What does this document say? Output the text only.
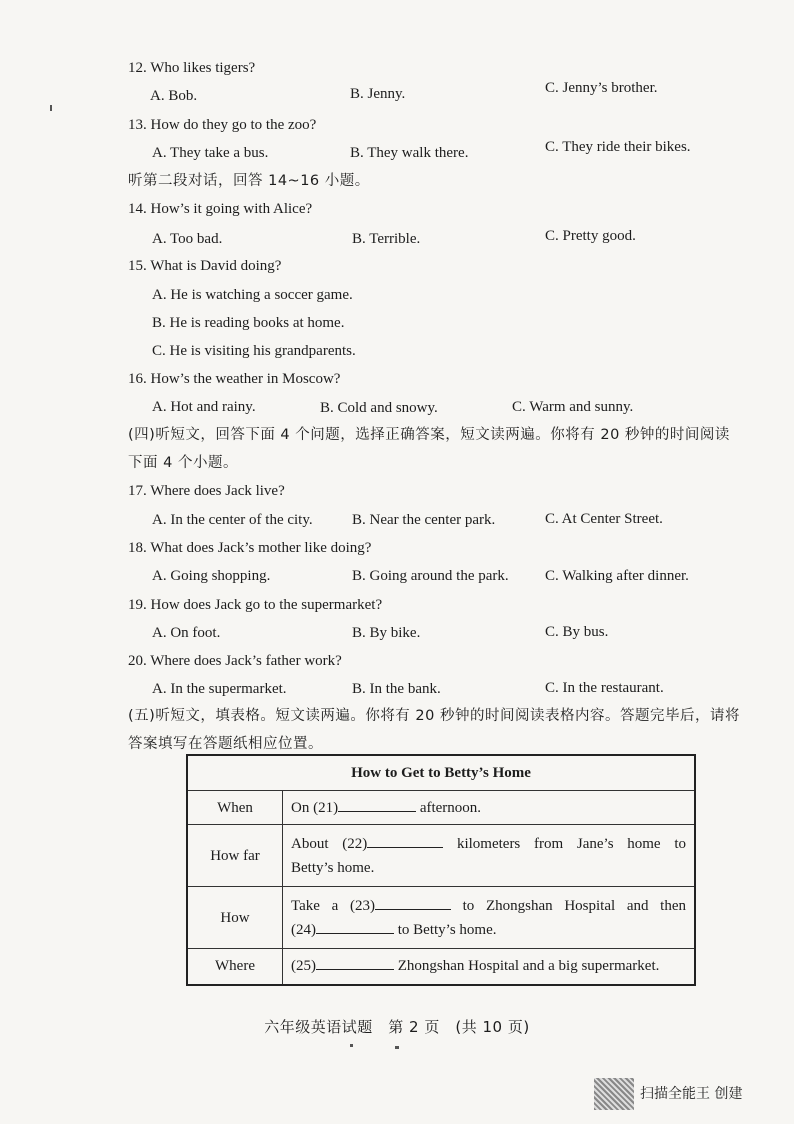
12. Who likes tigers?
A. Bob.	B. Jenny.	C. Jenny’s brother.
13. How do they go to the zoo?
A. They take a bus.	B. They walk there.	C. They ride their bikes.
听第二段对话，回答 14~16 小题。
14. How’s it going with Alice?
A. Too bad.	B. Terrible.	C. Pretty good.
15. What is David doing?
A. He is watching a soccer game.
B. He is reading books at home.
C. He is visiting his grandparents.
16. How’s the weather in Moscow?
A. Hot and rainy.	B. Cold and snowy.	C. Warm and sunny.
(四)听短文，回答下面 4 个问题，选择正确答案，短文读两遍。你将有 20 秒钟的时间阅读
下面 4 个小题。
17. Where does Jack live?
A. In the center of the city.	B. Near the center park.	C. At Center Street.
18. What does Jack’s mother like doing?
A. Going shopping.	B. Going around the park. C. Walking after dinner.
19. How does Jack go to the supermarket?
A. On foot.	B. By bike.	C. By bus.
20. Where does Jack’s father work?
A. In the supermarket.	B. In the bank.	C. In the restaurant.
(五)听短文，填表格。短文读两遍。你将有 20 秒钟的时间阅读表格内容。答题完毕后，请将
答案填写在答题纸相应位置。
How to Get to Betty’s Home	
When	On (21) afternoon.
How far	About (22) kilometers from Jane’s home to
Betty’s home.
How	Take a (23) to Zhongshan Hospital and then
(24) to Betty’s home.
Where	(25) Zhongshan Hospital and a big supermarket.
六年级英语试题　第 2 页　(共 10 页)
扫描全能王 创建
